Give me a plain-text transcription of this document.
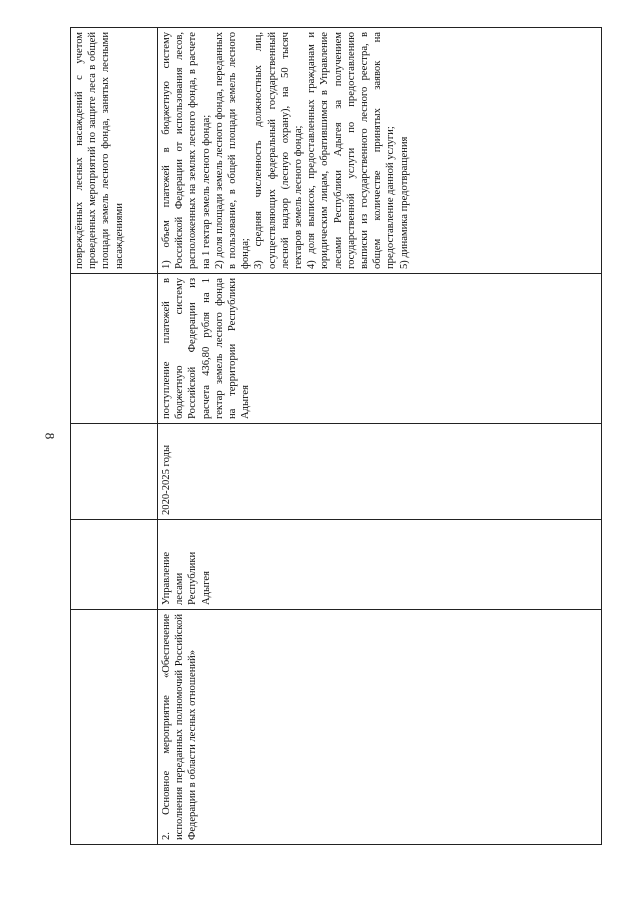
8
				повреждённых лесных насаждений с учетом проведенных мероприятий по защите леса в общей площади земель лесного фонда, занятых лесными насаждениями
2. Основное мероприятие «Обеспечение исполнения переданных полномочий Российской Федерации в области лесных отношений»	Управление лесами Республики Адыгея	2020-2025 годы	поступление платежей в бюджетную систему Российской Федерации из расчета 436,80 рубля на 1 гектар земель лесного фонда на территории Республики Адыгея	1) объем платежей в бюджетную систему Российской Федерации от использования лесов, расположенных на землях лесного фонда, в расчете на 1 гектар земель лесного фонда; 2) доля площади земель лесного фонда, переданных в пользование, в общей площади земель лесного фонда; 3) средняя численность должностных лиц, осуществляющих федеральный государственный лесной надзор (лесную охрану), на 50 тысяч гектаров земель лесного фонда; 4) доля выписок, предоставленных гражданам и юридическим лицам, обратившимся в Управление лесами Республики Адыгея за получением государственной услуги по предоставлению выписки из государственного лесного реестра, в общем количестве принятых заявок на предоставление данной услуги; 5) динамика предотвращения
